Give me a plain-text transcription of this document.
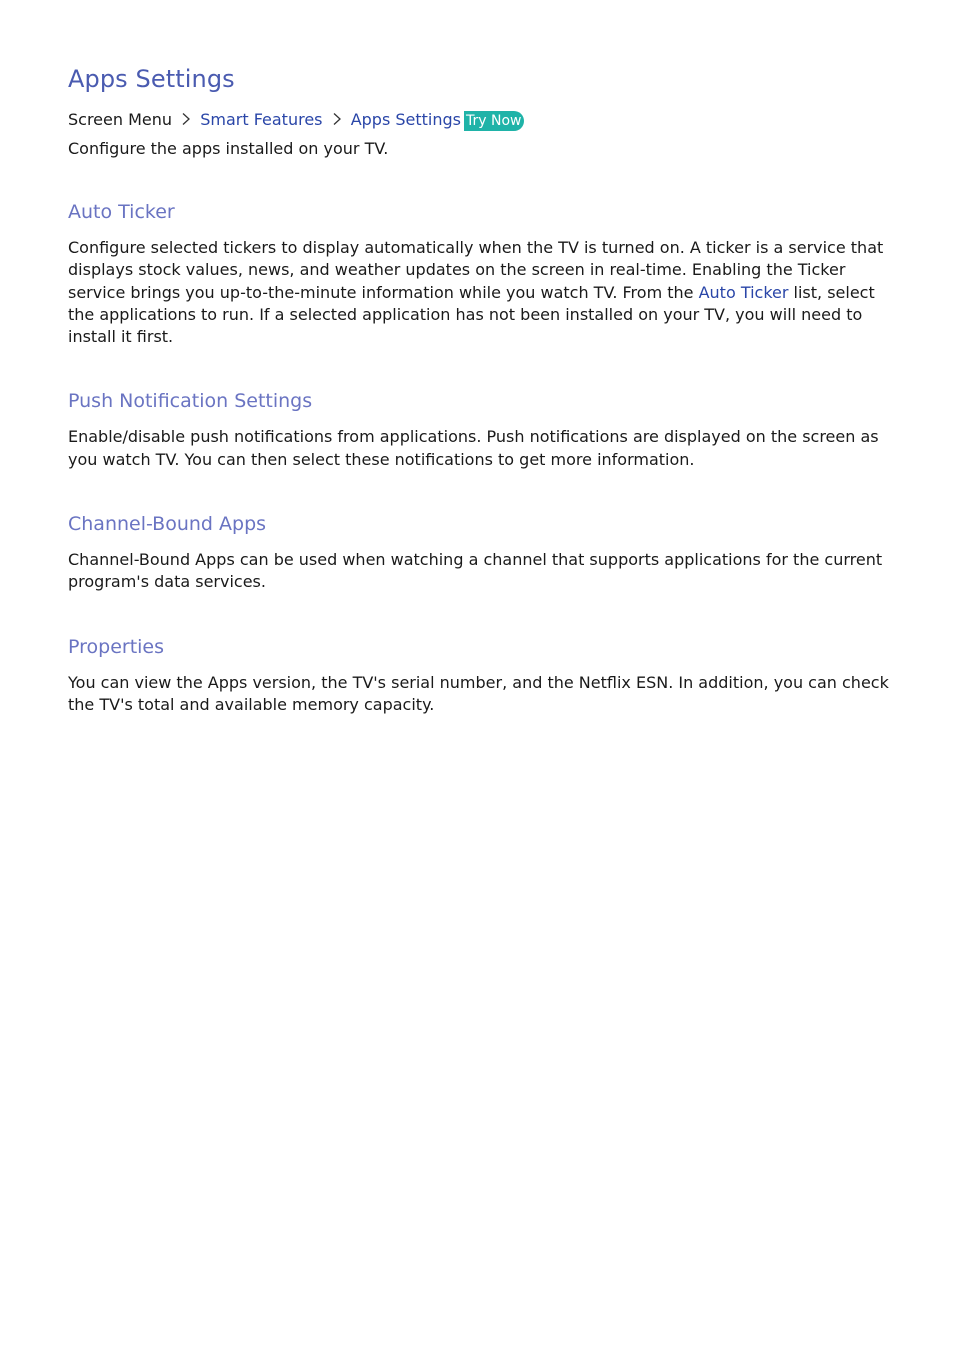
Apps Settings
Screen Menu Smart Features Apps Settings Try Now
Configure the apps installed on your TV.
Auto Ticker

Configure selected tickers to display automatically when the TV is turned on. A ticker is a service that displays stock values, news, and weather updates on the screen in real-time. Enabling the Ticker service brings you up-to-the-minute information while you watch TV. From the Auto Ticker list, select the applications to run. If a selected application has not been installed on your TV, you will need to install it first.

Push Notification Settings

Enable/disable push notifications from applications. Push notifications are displayed on the screen as you watch TV. You can then select these notifications to get more information.

Channel-Bound Apps

Channel-Bound Apps can be used when watching a channel that supports applications for the current program's data services.

Properties

You can view the Apps version, the TV's serial number, and the Netflix ESN. In addition, you can check the TV's total and available memory capacity.
